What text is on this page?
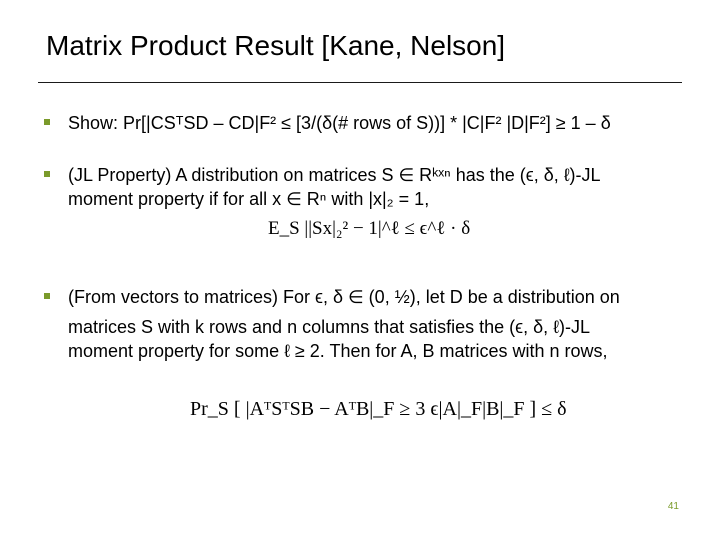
Matrix Product Result [Kane, Nelson]
Show: Pr[|CSᵀSD – CD|F² ≤ [3/(δ(# rows of S))] * |C|F² |D|F²] ≥ 1 – δ
(JL Property) A distribution on matrices S ∈ Rᵏˣⁿ has the (ϵ, δ, ℓ)-JL
moment property if for all x ∈ Rⁿ with |x|₂ = 1,
E_S ||Sx|₂² − 1|^ℓ ≤ ϵ^ℓ · δ
(From vectors to matrices) For ϵ, δ ∈ (0, ½), let D be a distribution on
matrices S with k rows and n columns that satisfies the (ϵ, δ, ℓ)-JL
moment property for some ℓ ≥ 2. Then for A, B matrices with n rows,
Pr_S [ |AᵀSᵀSB − AᵀB|_F ≥ 3 ϵ|A|_F|B|_F ] ≤ δ
41
